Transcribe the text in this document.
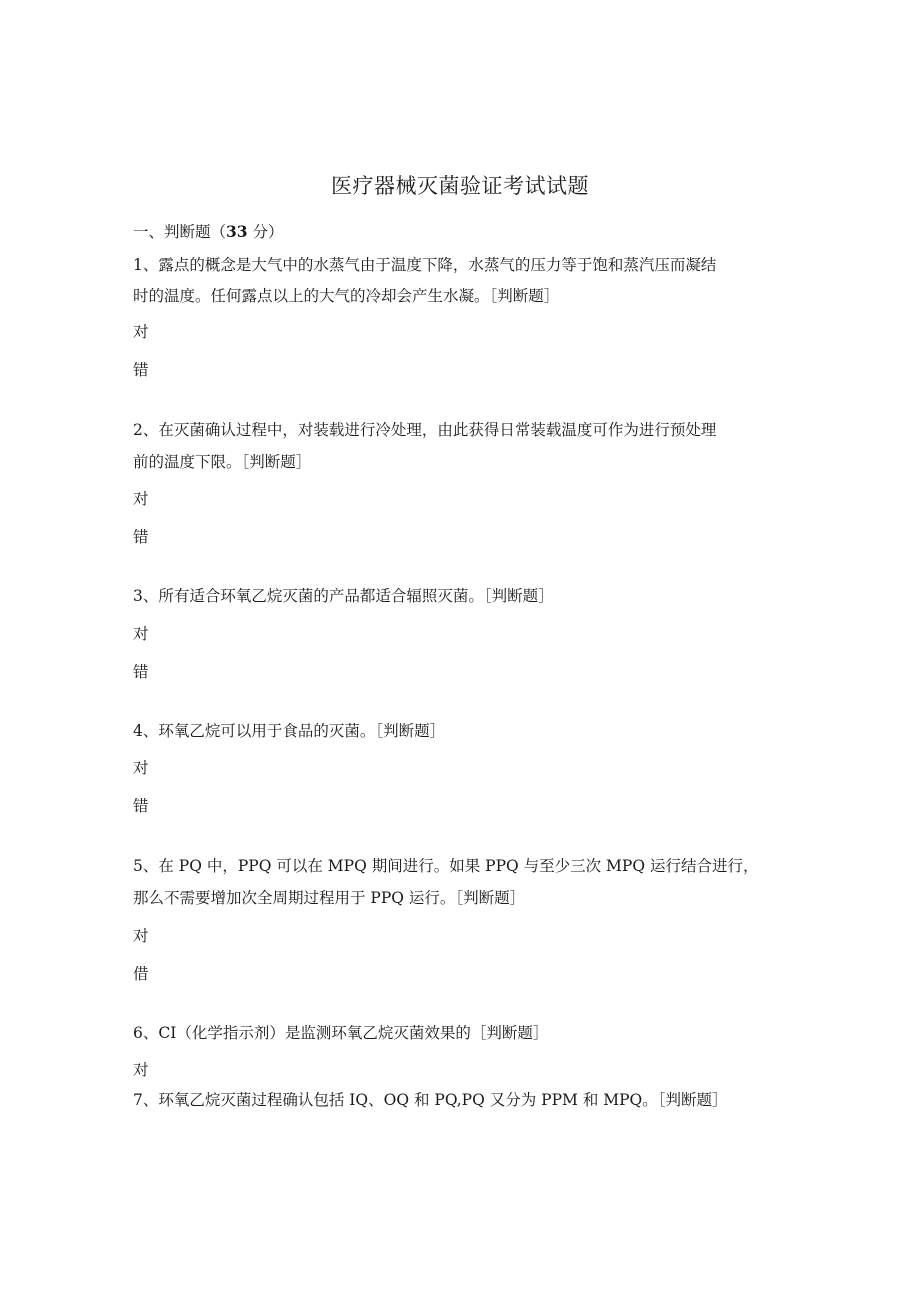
医疗器械灭菌验证考试试题
一、判断题（33 分）
1、露点的概念是大气中的水蒸气由于温度下降，水蒸气的压力等于饱和蒸汽压而凝结
时的温度。任何露点以上的大气的冷却会产生水凝。［判断题］
对
错
2、在灭菌确认过程中，对装载进行冷处理，由此获得日常装载温度可作为进行预处理
前的温度下限。［判断题］
对
错
3、所有适合环氧乙烷灭菌的产品都适合辐照灭菌。［判断题］
对
错
4、环氧乙烷可以用于食品的灭菌。［判断题］
对
错
5、在 PQ 中，PPQ 可以在 MPQ 期间进行。如果 PPQ 与至少三次 MPQ 运行结合进行，
那么不需要增加次全周期过程用于 PPQ 运行。［判断题］
对
借
6、CI（化学指示剂）是监测环氧乙烷灭菌效果的［判断题］
对
7、环氧乙烷灭菌过程确认包括 IQ、OQ 和 PQ,PQ 又分为 PPM 和 MPQ。［判断题］
